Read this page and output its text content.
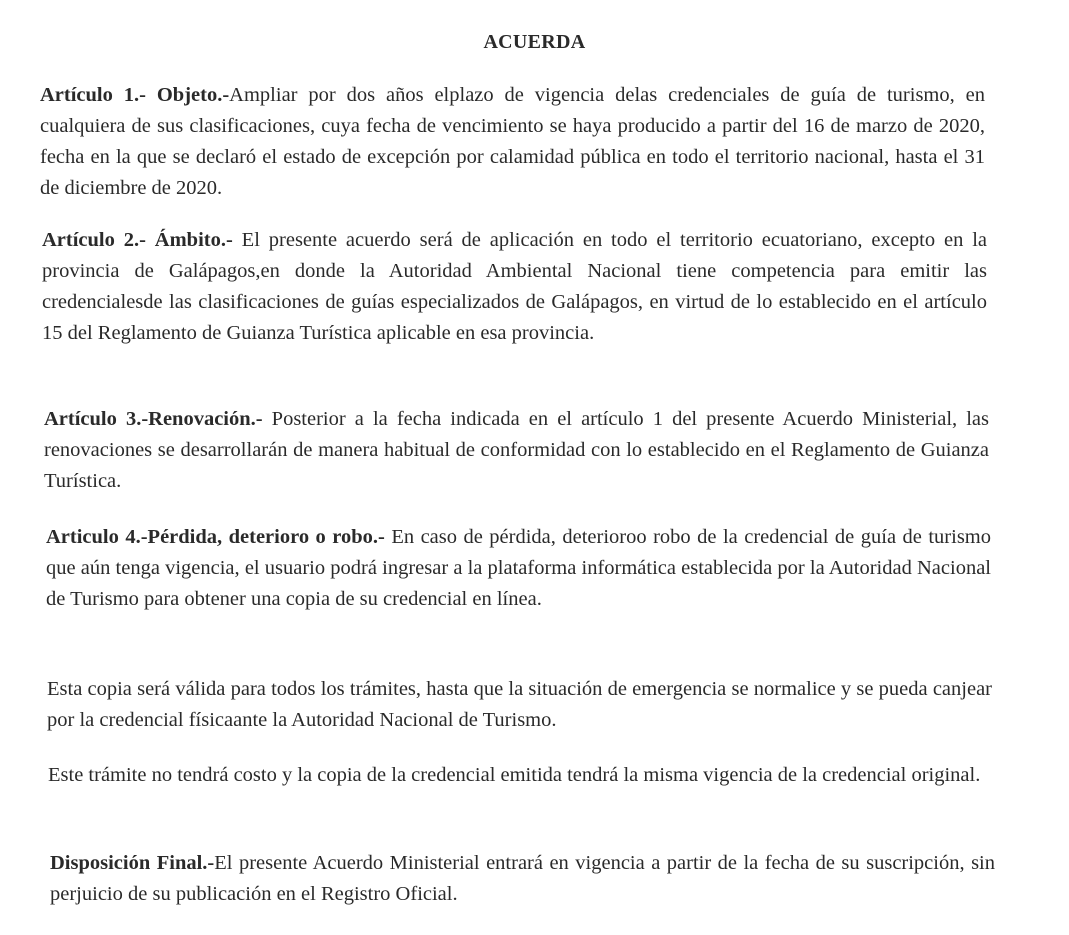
ACUERDA

Artículo 1.- Objeto.-Ampliar por dos años elplazo de vigencia delas credenciales de guía de turismo, en cualquiera de sus clasificaciones, cuya fecha de vencimiento se haya producido a partir del 16 de marzo de 2020, fecha en la que se declaró el estado de excepción por calamidad pública en todo el territorio nacional, hasta el 31 de diciembre de 2020.

Artículo 2.- Ámbito.- El presente acuerdo será de aplicación en todo el territorio ecuatoriano, excepto en la provincia de Galápagos,en donde la Autoridad Ambiental Nacional tiene competencia para emitir las credencialesde las clasificaciones de guías especializados de Galápagos, en virtud de lo establecido en el artículo 15 del Reglamento de Guianza Turística aplicable en esa provincia.

Artículo 3.-Renovación.- Posterior a la fecha indicada en el artículo 1 del presente Acuerdo Ministerial, las renovaciones se desarrollarán de manera habitual de conformidad con lo establecido en el Reglamento de Guianza Turística.

Articulo 4.-Pérdida, deterioro o robo.- En caso de pérdida, deterioroo robo de la credencial de guía de turismo que aún tenga vigencia, el usuario podrá ingresar a la plataforma informática establecida por la Autoridad Nacional de Turismo para obtener una copia de su credencial en línea.

Esta copia será válida para todos los trámites, hasta que la situación de emergencia se normalice y se pueda canjear por la credencial físicaante la Autoridad Nacional de Turismo.

Este trámite no tendrá costo y la copia de la credencial emitida tendrá la misma vigencia de la credencial original.

Disposición Final.-El presente Acuerdo Ministerial entrará en vigencia a partir de la fecha de su suscripción, sin perjuicio de su publicación en el Registro Oficial.
